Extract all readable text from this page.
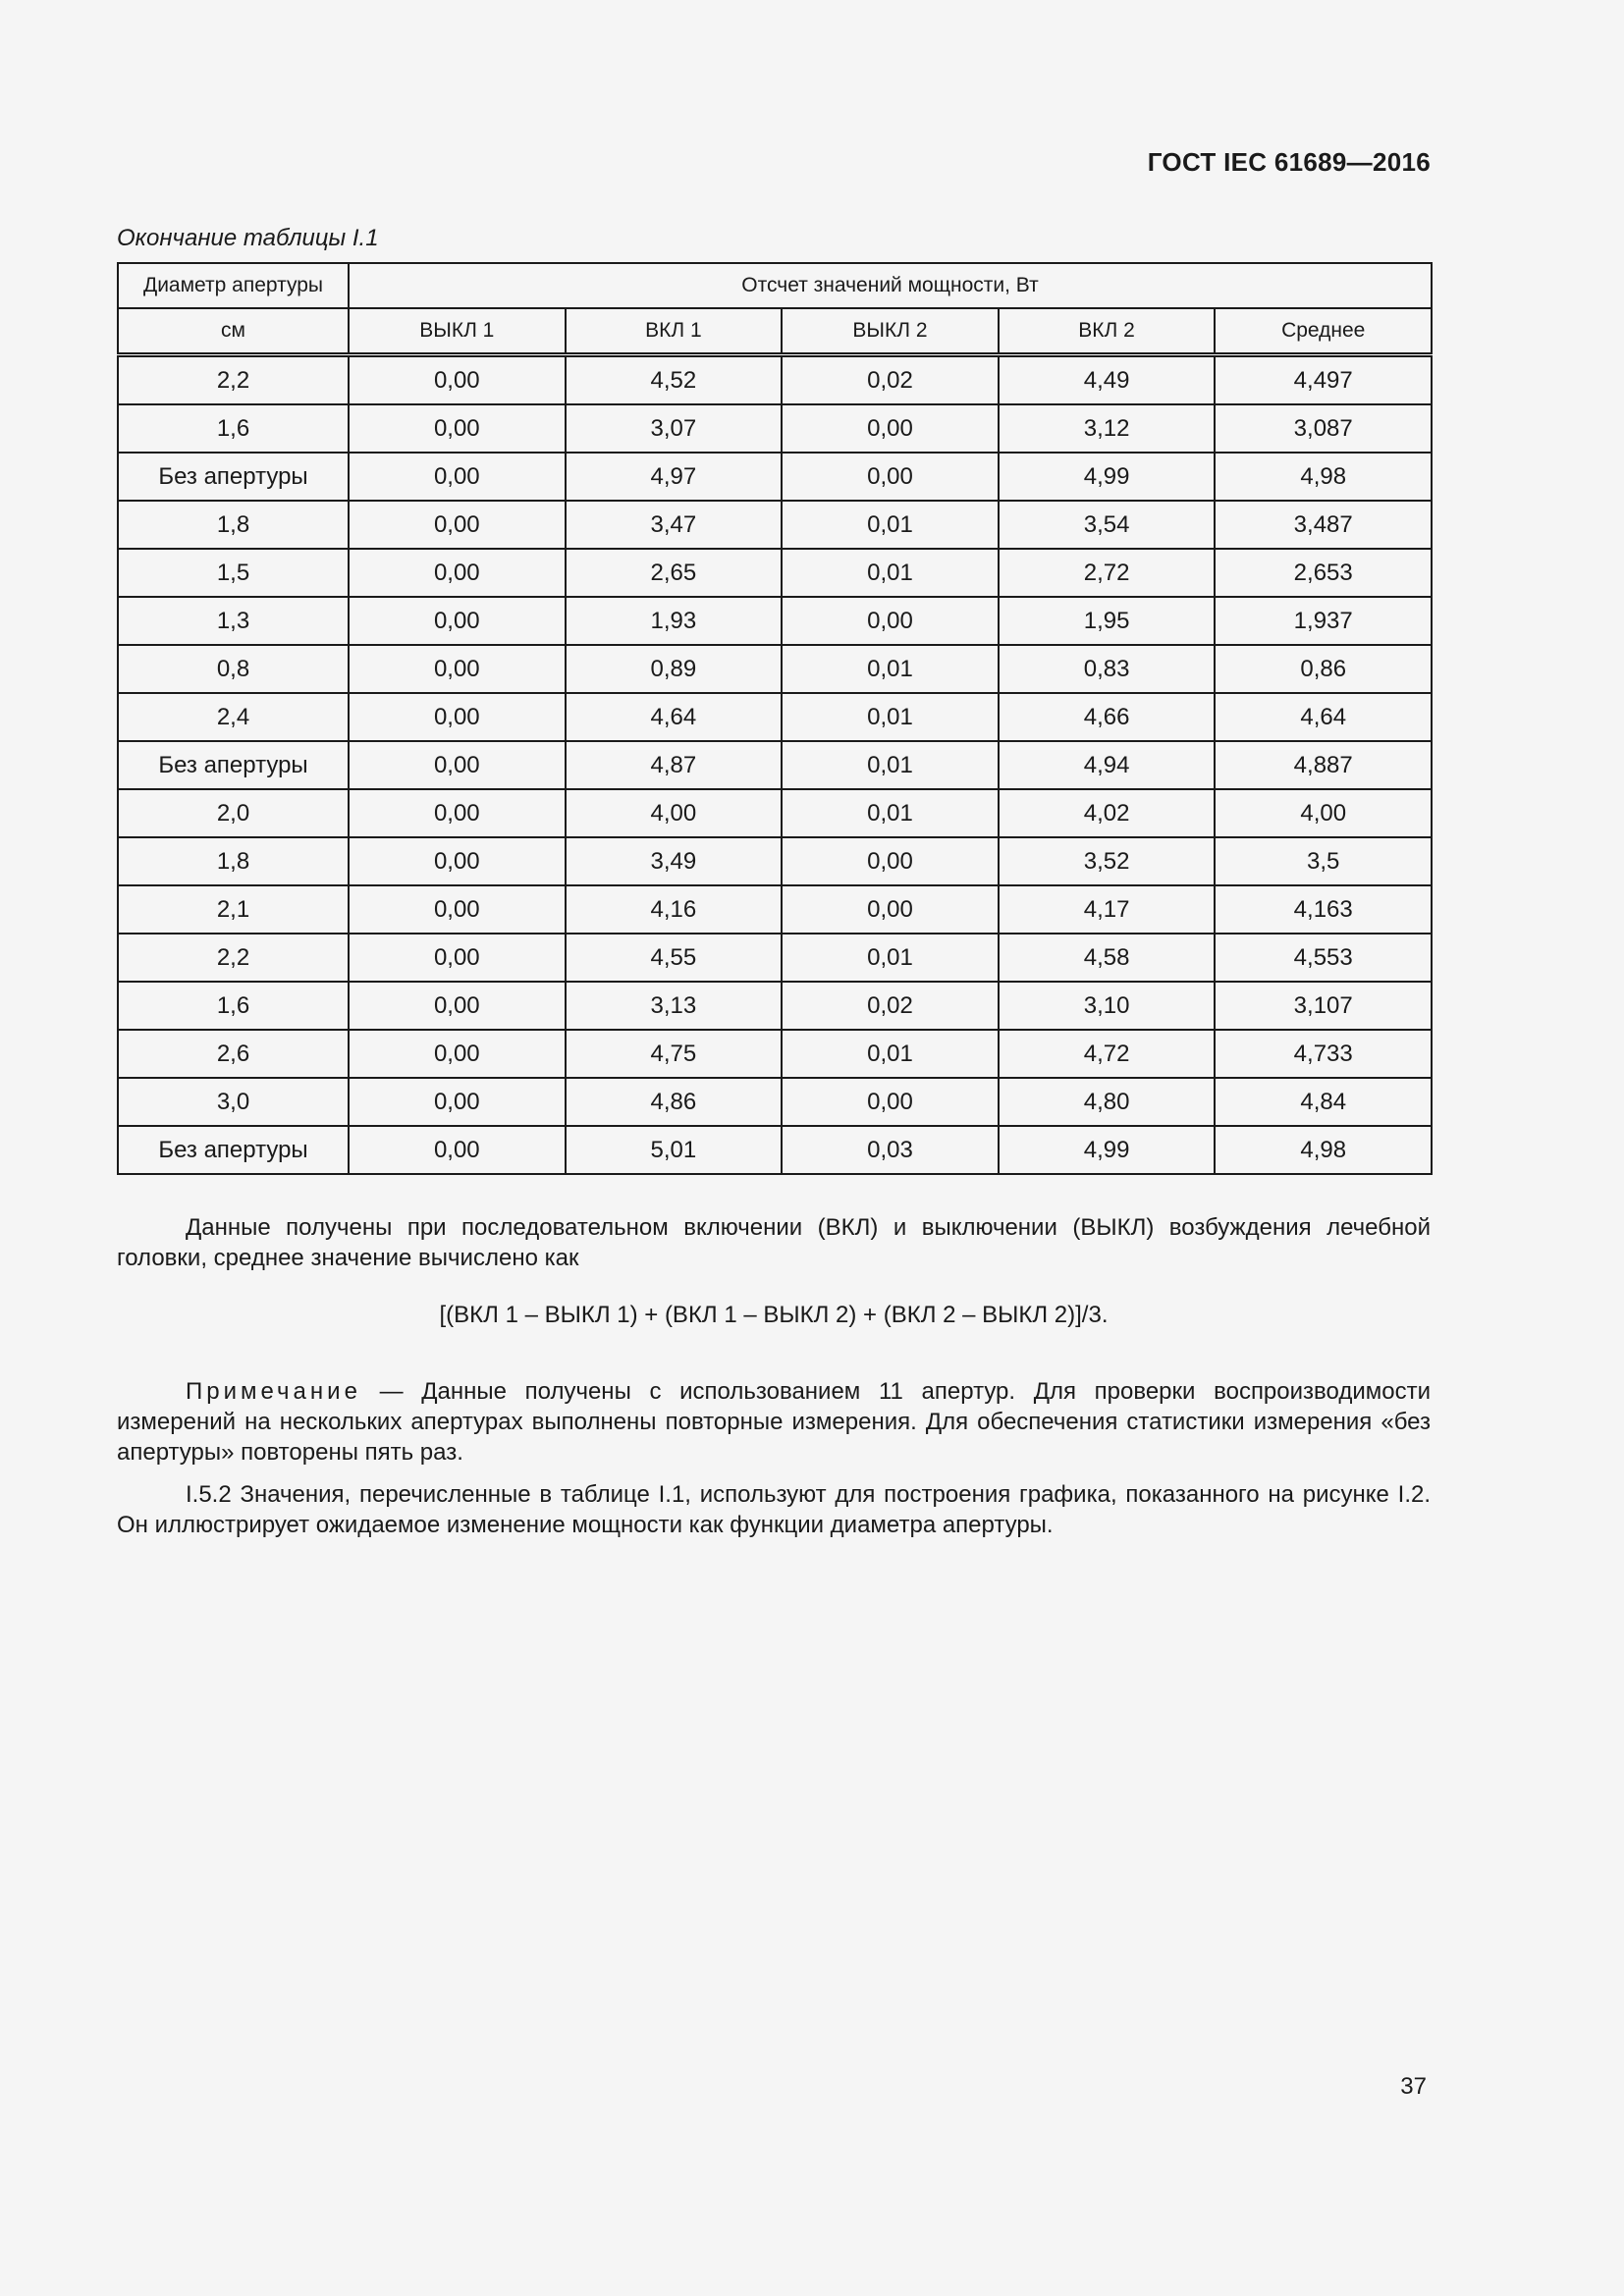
ГОСТ IEC 61689—2016
Окончание таблицы I.1
Диаметр апертуры	Отсчет значений мощности, Вт				
см	ВЫКЛ 1	ВКЛ 1	ВЫКЛ 2	ВКЛ 2	Среднее
2,2	0,00	4,52	0,02	4,49	4,497
1,6	0,00	3,07	0,00	3,12	3,087
Без апертуры	0,00	4,97	0,00	4,99	4,98
1,8	0,00	3,47	0,01	3,54	3,487
1,5	0,00	2,65	0,01	2,72	2,653
1,3	0,00	1,93	0,00	1,95	1,937
0,8	0,00	0,89	0,01	0,83	0,86
2,4	0,00	4,64	0,01	4,66	4,64
Без апертуры	0,00	4,87	0,01	4,94	4,887
2,0	0,00	4,00	0,01	4,02	4,00
1,8	0,00	3,49	0,00	3,52	3,5
2,1	0,00	4,16	0,00	4,17	4,163
2,2	0,00	4,55	0,01	4,58	4,553
1,6	0,00	3,13	0,02	3,10	3,107
2,6	0,00	4,75	0,01	4,72	4,733
3,0	0,00	4,86	0,00	4,80	4,84
Без апертуры	0,00	5,01	0,03	4,99	4,98
Данные получены при последовательном включении (ВКЛ) и выключении (ВЫКЛ) возбуждения лечебной головки, среднее значение вычислено как
[(ВКЛ 1 – ВЫКЛ 1) + (ВКЛ 1 – ВЫКЛ 2) + (ВКЛ 2 – ВЫКЛ 2)]/3.
Примечание — Данные получены с использованием 11 апертур. Для проверки воспроизводимости измерений на нескольких апертурах выполнены повторные измерения. Для обеспечения статистики измерения «без апертуры» повторены пять раз.
I.5.2 Значения, перечисленные в таблице I.1, используют для построения графика, показанного на рисунке I.2. Он иллюстрирует ожидаемое изменение мощности как функции диаметра апертуры.
37
